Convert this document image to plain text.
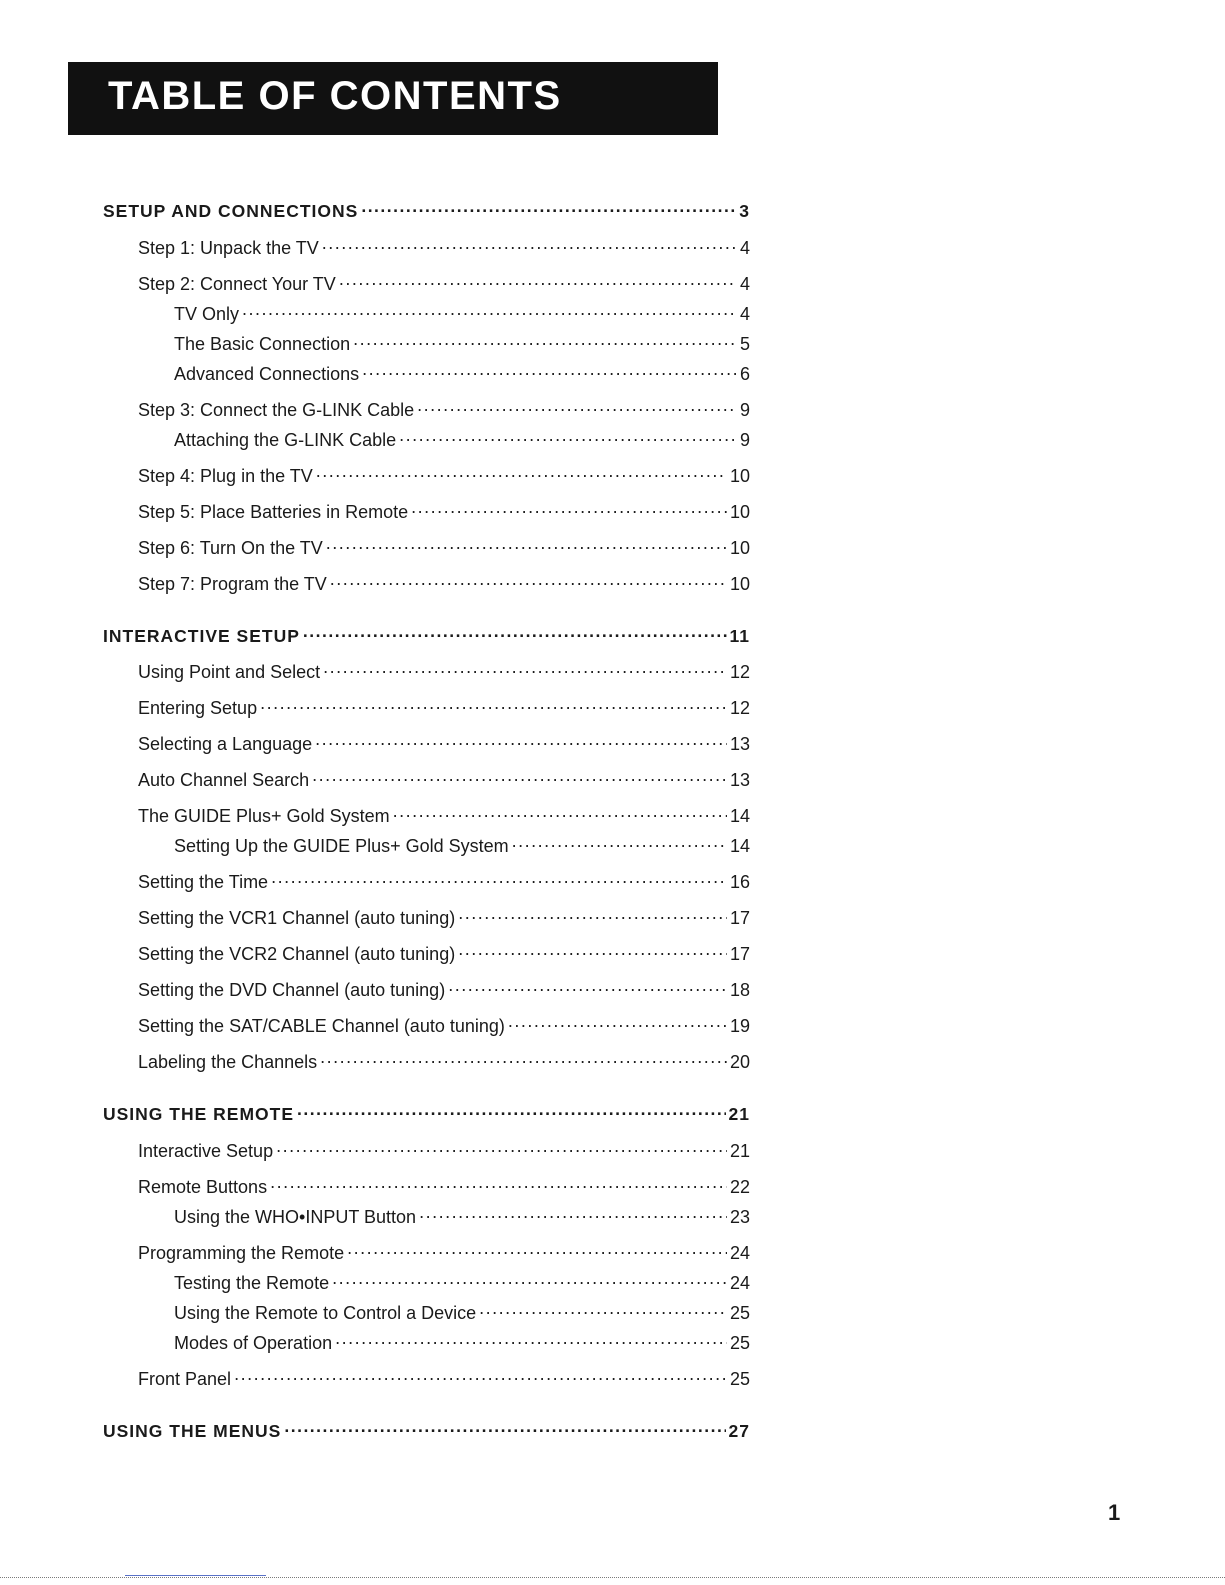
TABLE OF CONTENTS
SETUP AND CONNECTIONS .....	3
Step 1: Unpack the TV .....	4
Step 2: Connect Your TV .....	4
TV Only .....	4
The Basic Connection .....	5
Advanced Connections .....	6
Step 3: Connect the G-LINK Cable .....	9
Attaching the G-LINK Cable .....	9
Step 4: Plug in the TV .....	10
Step 5: Place Batteries in Remote .....	10
Step 6: Turn On the TV .....	10
Step 7: Program the TV .....	10
INTERACTIVE SETUP .....	11
Using Point and Select .....	12
Entering Setup .....	12
Selecting a Language .....	13
Auto Channel Search .....	13
The GUIDE Plus+ Gold System .....	14
Setting Up the GUIDE Plus+ Gold System .....	14
Setting the Time .....	16
Setting the VCR1 Channel (auto tuning) .....	17
Setting the VCR2 Channel (auto tuning) .....	17
Setting the DVD Channel (auto tuning) .....	18
Setting the SAT/CABLE Channel (auto tuning) .....	19
Labeling the Channels .....	20
USING THE REMOTE .....	21
Interactive Setup .....	21
Remote Buttons .....	22
Using the WHO•INPUT Button .....	23
Programming the Remote .....	24
Testing the Remote .....	24
Using the Remote to Control a Device .....	25
Modes of Operation .....	25
Front Panel .....	25
USING THE MENUS .....	27
1
